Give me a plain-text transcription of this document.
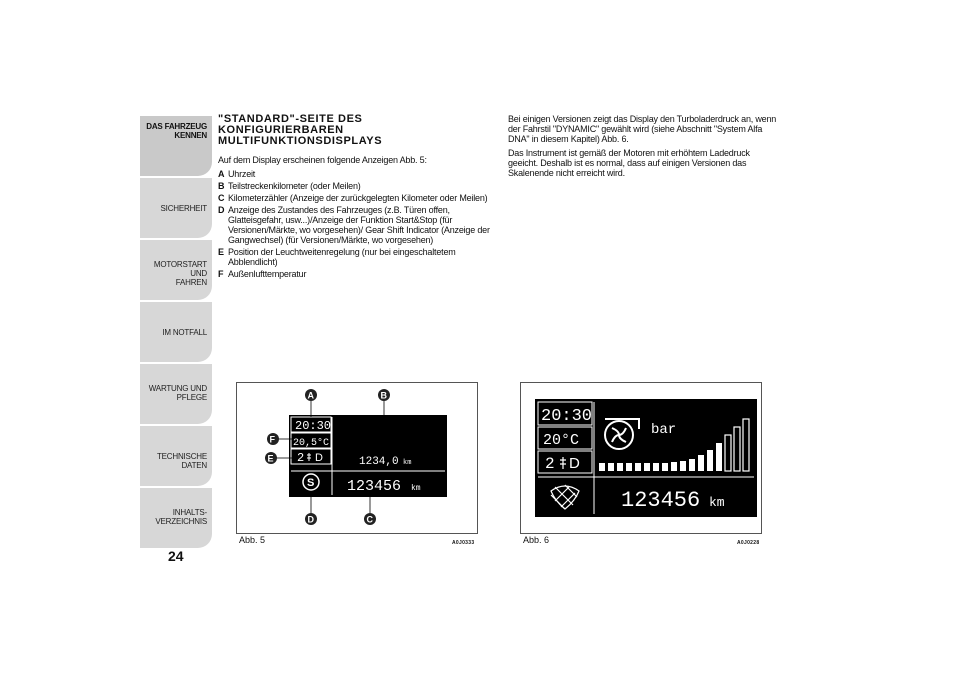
DAS FAHRZEUG
KENNEN
SICHERHEIT
MOTORSTART UND
FAHREN
IM NOTFALL
WARTUNG UND
PFLEGE
TECHNISCHE DATEN
INHALTS-
VERZEICHNIS
24
"STANDARD"-SEITE DES
KONFIGURIERBAREN
MULTIFUNKTIONSDISPLAYS

Auf dem Display erscheinen folgende Anzeigen Abb. 5:

A Uhrzeit
B Teilstreckenkilometer (oder Meilen)
C Kilometerzähler (Anzeige der zurückgelegten Kilometer oder Meilen)
D Anzeige des Zustandes des Fahrzeuges (z.B. Türen offen, Glatteisgefahr, usw...)/Anzeige der Funktion Start&Stop (für Versionen/Märkte, wo vorgesehen)/ Gear Shift Indicator (Anzeige der Gangwechsel) (für Versionen/Märkte, wo vorgesehen)
E Position der Leuchtweitenregelung (nur bei eingeschaltetem Abblendlicht)
F Außenlufttemperatur

Bei einigen Versionen zeigt das Display den Turboladerdruck an, wenn der Fahrstil "DYNAMIC" gewählt wird (siehe Abschnitt "System Alfa DNA" in diesem Kapitel) Abb. 6.

Das Instrument ist gemäß der Motoren mit erhöhtem Ladedruck geeicht. Deshalb ist es normal, dass auf einigen Versionen das Skalenende nicht erreicht wird.

20:30
20,5°C
2 D
S
1234,0 km
123456 km
A	B
C
D
E
F
Abb. 5	A0J0333
20:30
20°C
2 D
bar
123456 km
Abb. 6	A0J0228
